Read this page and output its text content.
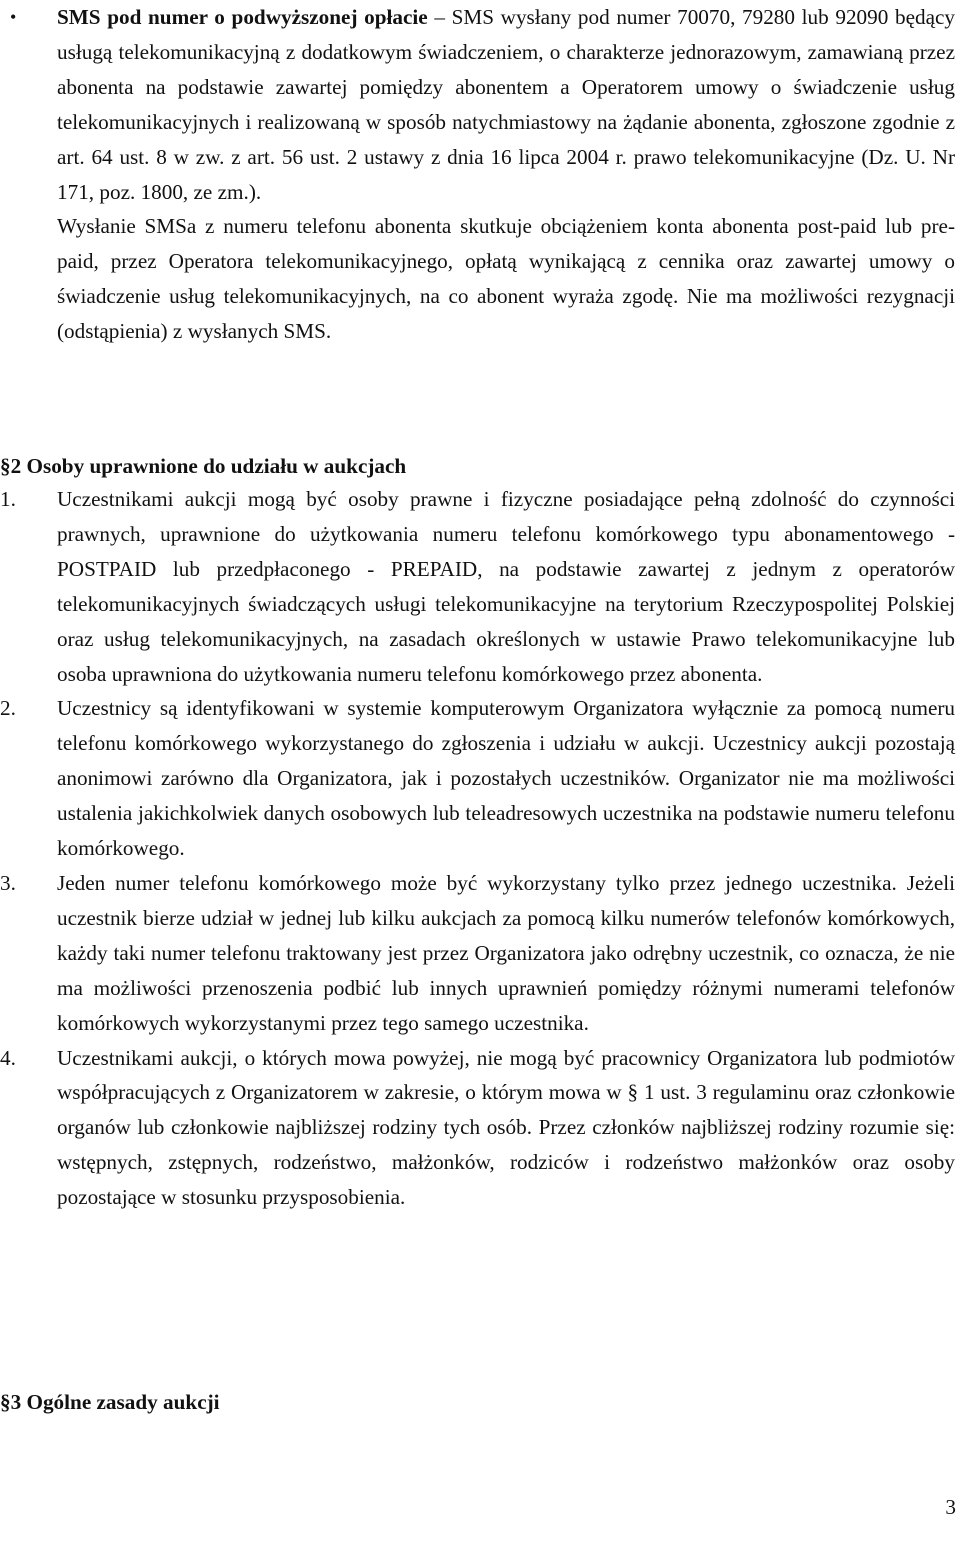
• SMS pod numer o podwyższonej opłacie – SMS wysłany pod numer 70070, 79280 lub 92090 będący usługą telekomunikacyjną z dodatkowym świadczeniem, o charakterze jednorazowym, zamawianą przez abonenta na podstawie zawartej pomiędzy abonentem a Operatorem umowy o świadczenie usług telekomunikacyjnych i realizowaną w sposób natychmiastowy na żądanie abonenta, zgłoszone zgodnie z art. 64 ust. 8 w zw. z art. 56 ust. 2 ustawy z dnia 16 lipca 2004 r. prawo telekomunikacyjne (Dz. U. Nr 171, poz. 1800, ze zm.).

Wysłanie SMSa z numeru telefonu abonenta skutkuje obciążeniem konta abonenta post-paid lub pre-paid, przez Operatora telekomunikacyjnego, opłatą wynikającą z cennika oraz zawartej umowy o świadczenie usług telekomunikacyjnych, na co abonent wyraża zgodę. Nie ma możliwości rezygnacji (odstąpienia) z wysłanych SMS.

§2 Osoby uprawnione do udziału w aukcjach
1. Uczestnikami aukcji mogą być osoby prawne i fizyczne posiadające pełną zdolność do czynności prawnych, uprawnione do użytkowania numeru telefonu komórkowego typu abonamentowego - POSTPAID lub przedpłaconego - PREPAID, na podstawie zawartej z jednym z operatorów telekomunikacyjnych świadczących usługi telekomunikacyjne na terytorium Rzeczypospolitej Polskiej oraz usług telekomunikacyjnych, na zasadach określonych w ustawie Prawo telekomunikacyjne lub osoba uprawniona do użytkowania numeru telefonu komórkowego przez abonenta.
2. Uczestnicy są identyfikowani w systemie komputerowym Organizatora wyłącznie za pomocą numeru telefonu komórkowego wykorzystanego do zgłoszenia i udziału w aukcji. Uczestnicy aukcji pozostają anonimowi zarówno dla Organizatora, jak i pozostałych uczestników. Organizator nie ma możliwości ustalenia jakichkolwiek danych osobowych lub teleadresowych uczestnika na podstawie numeru telefonu komórkowego.
3. Jeden numer telefonu komórkowego może być wykorzystany tylko przez jednego uczestnika. Jeżeli uczestnik bierze udział w jednej lub kilku aukcjach za pomocą kilku numerów telefonów komórkowych, każdy taki numer telefonu traktowany jest przez Organizatora jako odrębny uczestnik, co oznacza, że nie ma możliwości przenoszenia podbić lub innych uprawnień pomiędzy różnymi numerami telefonów komórkowych wykorzystanymi przez tego samego uczestnika.
4. Uczestnikami aukcji, o których mowa powyżej, nie mogą być pracownicy Organizatora lub podmiotów współpracujących z Organizatorem w zakresie, o którym mowa w § 1 ust. 3 regulaminu oraz członkowie organów lub członkowie najbliższej rodziny tych osób. Przez członków najbliższej rodziny rozumie się: wstępnych, zstępnych, rodzeństwo, małżonków, rodziców i rodzeństwo małżonków oraz osoby pozostające w stosunku przysposobienia.
§3 Ogólne zasady aukcji
3
